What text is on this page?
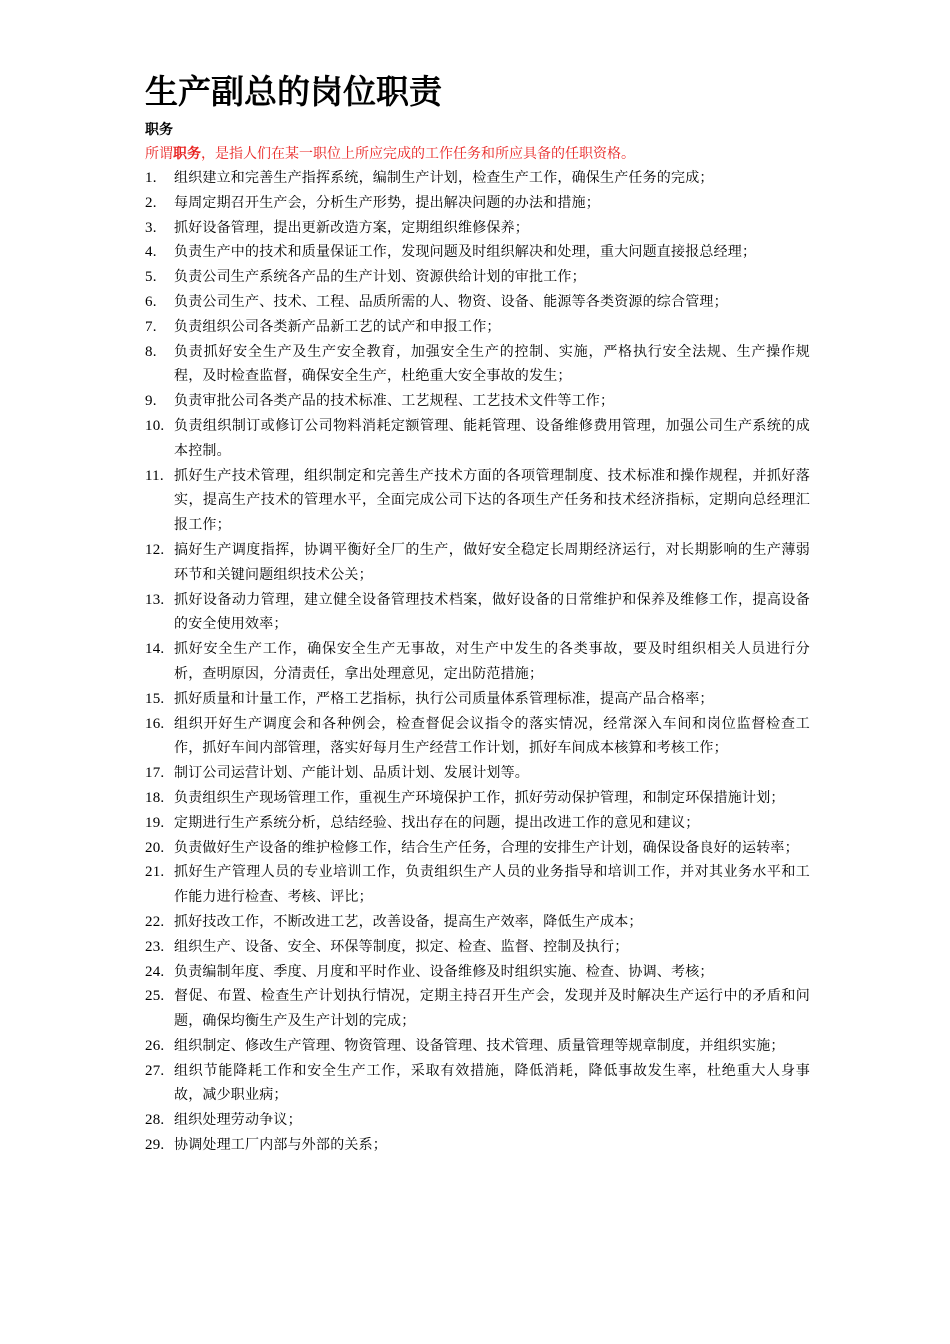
生产副总的岗位职责

职务

所谓职务，是指人们在某一职位上所应完成的工作任务和所应具备的任职资格。

1. 组织建立和完善生产指挥系统，编制生产计划，检查生产工作，确保生产任务的完成；
2. 每周定期召开生产会，分析生产形势，提出解决问题的办法和措施；
3. 抓好设备管理，提出更新改造方案，定期组织维修保养；
4. 负责生产中的技术和质量保证工作，发现问题及时组织解决和处理，重大问题直接报总经理；
5. 负责公司生产系统各产品的生产计划、资源供给计划的审批工作；
6. 负责公司生产、技术、工程、品质所需的人、物资、设备、能源等各类资源的综合管理；
7. 负责组织公司各类新产品新工艺的试产和申报工作；
8. 负责抓好安全生产及生产安全教育，加强安全生产的控制、实施，严格执行安全法规、生产操作规程，及时检查监督，确保安全生产，杜绝重大安全事故的发生；
9. 负责审批公司各类产品的技术标准、工艺规程、工艺技术文件等工作；
10. 负责组织制订或修订公司物料消耗定额管理、能耗管理、设备维修费用管理，加强公司生产系统的成本控制。
11. 抓好生产技术管理，组织制定和完善生产技术方面的各项管理制度、技术标准和操作规程，并抓好落实，提高生产技术的管理水平，全面完成公司下达的各项生产任务和技术经济指标，定期向总经理汇报工作；
12. 搞好生产调度指挥，协调平衡好全厂的生产，做好安全稳定长周期经济运行，对长期影响的生产薄弱环节和关键问题组织技术公关；
13. 抓好设备动力管理，建立健全设备管理技术档案，做好设备的日常维护和保养及维修工作，提高设备的安全使用效率；
14. 抓好安全生产工作，确保安全生产无事故，对生产中发生的各类事故，要及时组织相关人员进行分析，查明原因，分清责任，拿出处理意见，定出防范措施；
15. 抓好质量和计量工作，严格工艺指标，执行公司质量体系管理标准，提高产品合格率；
16. 组织开好生产调度会和各种例会，检查督促会议指令的落实情况，经常深入车间和岗位监督检查工作，抓好车间内部管理，落实好每月生产经营工作计划，抓好车间成本核算和考核工作；
17. 制订公司运营计划、产能计划、品质计划、发展计划等。
18. 负责组织生产现场管理工作，重视生产环境保护工作，抓好劳动保护管理，和制定环保措施计划；
19. 定期进行生产系统分析，总结经验、找出存在的问题，提出改进工作的意见和建议；
20. 负责做好生产设备的维护检修工作，结合生产任务，合理的安排生产计划，确保设备良好的运转率；
21. 抓好生产管理人员的专业培训工作，负责组织生产人员的业务指导和培训工作，并对其业务水平和工作能力进行检查、考核、评比；
22. 抓好技改工作，不断改进工艺，改善设备，提高生产效率，降低生产成本；
23. 组织生产、设备、安全、环保等制度，拟定、检查、监督、控制及执行；
24. 负责编制年度、季度、月度和平时作业、设备维修及时组织实施、检查、协调、考核；
25. 督促、布置、检查生产计划执行情况，定期主持召开生产会，发现并及时解决生产运行中的矛盾和问题，确保均衡生产及生产计划的完成；
26. 组织制定、修改生产管理、物资管理、设备管理、技术管理、质量管理等规章制度，并组织实施；
27. 组织节能降耗工作和安全生产工作，采取有效措施，降低消耗，降低事故发生率，杜绝重大人身事故，减少职业病；
28. 组织处理劳动争议；
29. 协调处理工厂内部与外部的关系；
